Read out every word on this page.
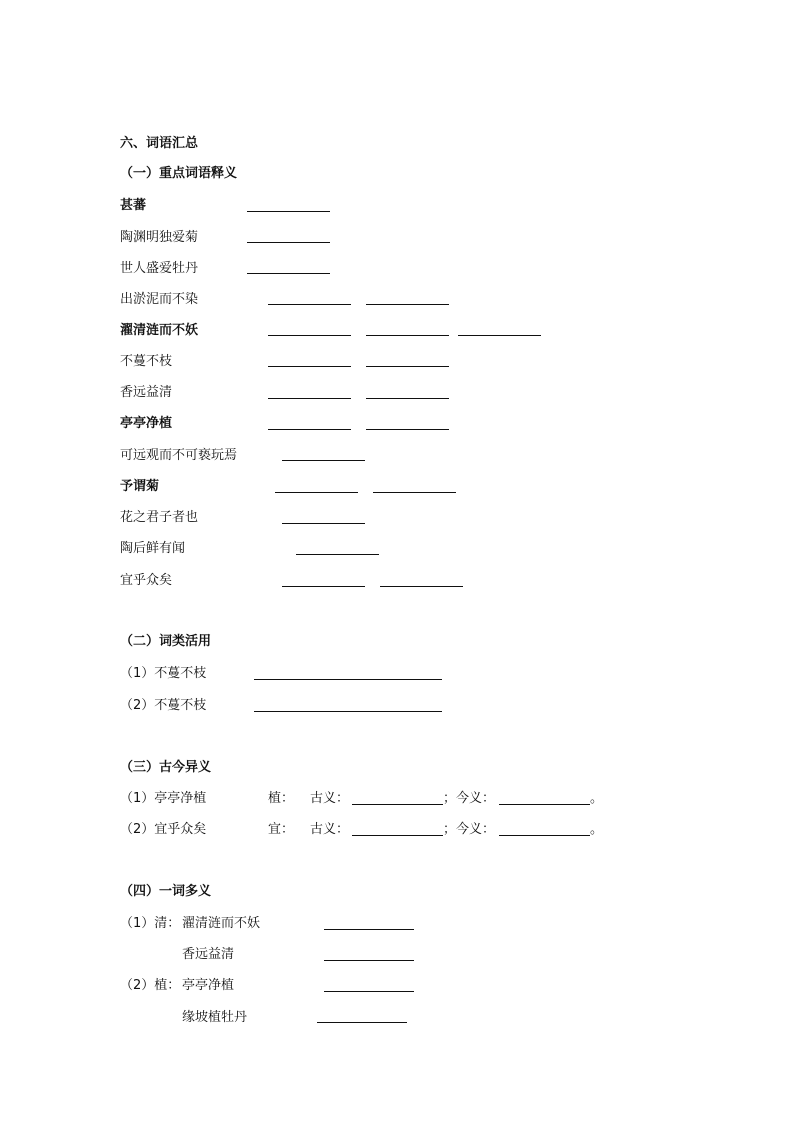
六、词语汇总
（一）重点词语释义
甚蕃
陶渊明独爱菊
世人盛爱牡丹
出淤泥而不染
濯清涟而不妖
不蔓不枝
香远益清
亭亭净植
可远观而不可亵玩焉
予谓菊
花之君子者也
陶后鲜有闻
宜乎众矣
（二）词类活用
（1）不蔓不枝
（2）不蔓不枝
（三）古今异义
（1）亭亭净植	植： 古义：	；今义：	。
（2）宜乎众矣	宜： 古义：	；今义：	。
（四）一词多义
（1）清： 濯清涟而不妖
香远益清
（2）植： 亭亭净植
缘坡植牡丹
